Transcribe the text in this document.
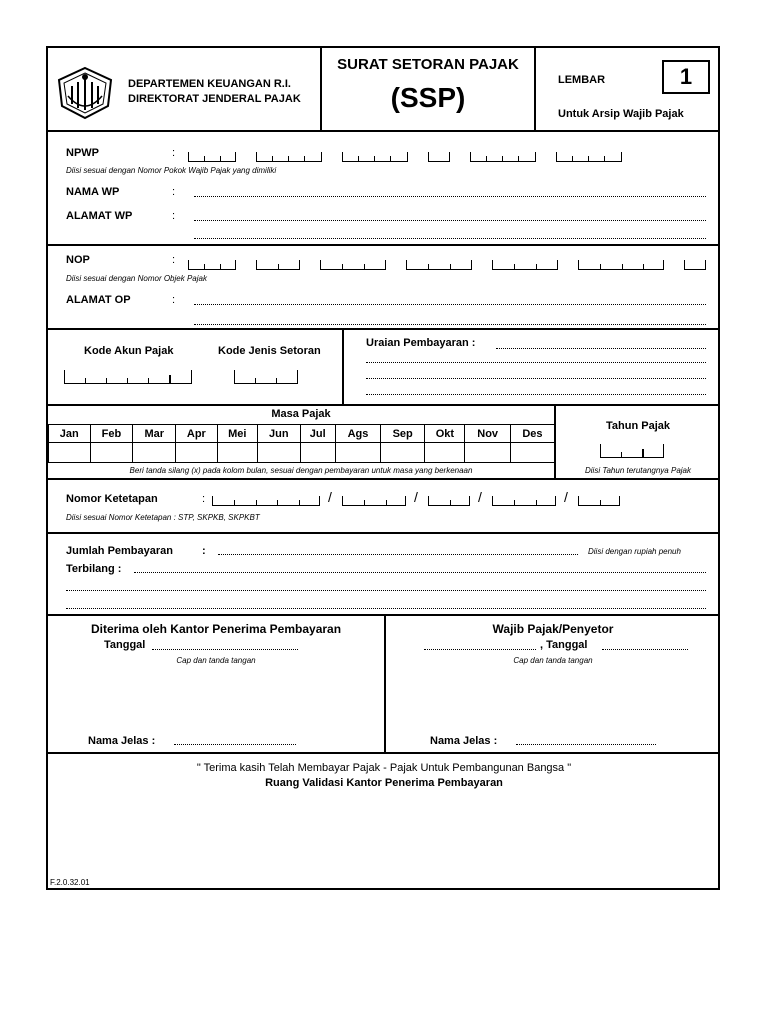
DEPARTEMEN KEUANGAN R.I.
DIREKTORAT JENDERAL PAJAK
SURAT SETORAN PAJAK
(SSP)
LEMBAR	1
Untuk Arsip Wajib Pajak
NPWP	:
Diisi sesuai dengan Nomor Pokok Wajib Pajak yang dimiliki
NAMA WP	:
ALAMAT WP	:
NOP	:
Diisi sesuai dengan Nomor Objek Pajak
ALAMAT OP	:
Kode Akun Pajak	Kode Jenis Setoran
Uraian Pembayaran :
Masa Pajak
Jan	Feb	Mar	Apr	Mei	Jun	Jul	Ags	Sep	Okt	Nov	Des

Beri tanda silang (x) pada kolom bulan, sesuai dengan pembayaran untuk masa yang berkenaan
Tahun Pajak
Diisi Tahun terutangnya Pajak
Nomor Ketetapan	:
Diisi sesuai Nomor Ketetapan : STP, SKPKB, SKPKBT
/	/	/	/
Jumlah Pembayaran	:	Diisi dengan rupiah penuh
Terbilang :
Diterima oleh Kantor Penerima Pembayaran
Tanggal
Cap dan tanda tangan
Nama Jelas :
Wajib Pajak/Penyetor
, Tanggal
Cap dan tanda tangan
Nama Jelas :
" Terima kasih Telah Membayar Pajak - Pajak Untuk Pembangunan Bangsa "
Ruang Validasi Kantor Penerima Pembayaran
F.2.0.32.01
